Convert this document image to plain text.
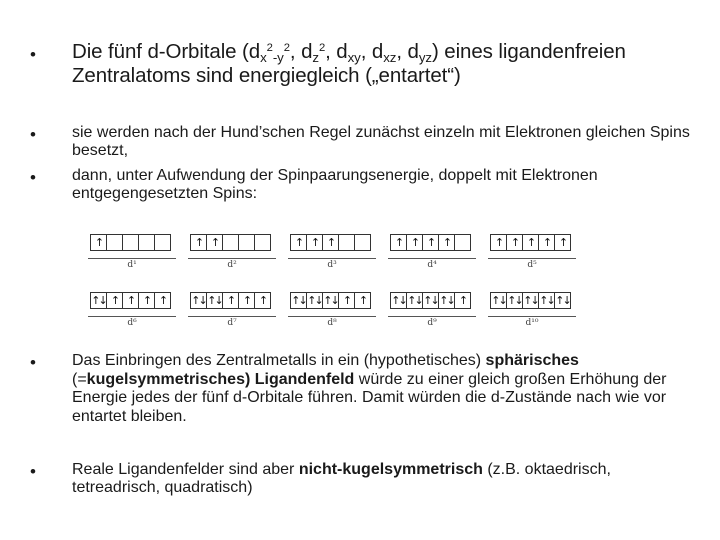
• Die fünf d-Orbitale ($d_x^2_{-y}^2$, $d_z^2$, $d_{xy}$, $d_{xz}$, $d_{yz}$) eines ligandenfreien Zentralatoms sind energiegleich („entartet“)
• sie werden nach der Hund’schen Regel zunächst einzeln mit Elektronen gleichen Spins besetzt,
• dann, unter Aufwendung der Spinpaarungsenergie, doppelt mit Elektronen entgegengesetzten Spins:
↑
d¹
↑ ↑
d²
↑ ↑ ↑
d³
↑ ↑ ↑ ↑
d⁴
↑ ↑ ↑ ↑ ↑
d⁵
↑↓ ↑ ↑ ↑ ↑
d⁶
↑↓ ↑↓ ↑ ↑ ↑
d⁷
↑↓ ↑↓ ↑↓ ↑ ↑
d⁸
↑↓ ↑↓ ↑↓ ↑↓ ↑
d⁹
↑↓ ↑↓ ↑↓ ↑↓ ↑↓
d¹⁰
• Das Einbringen des Zentralmetalls in ein (hypothetisches) sphärisches (=kugelsymmetrisches) Ligandenfeld würde zu einer gleich großen Erhöhung der Energie jedes der fünf d-Orbitale führen. Damit würden die d-Zustände nach wie vor entartet bleiben.
• Reale Ligandenfelder sind aber nicht-kugelsymmetrisch (z.B. oktaedrisch, tetreadrisch, quadratisch)
